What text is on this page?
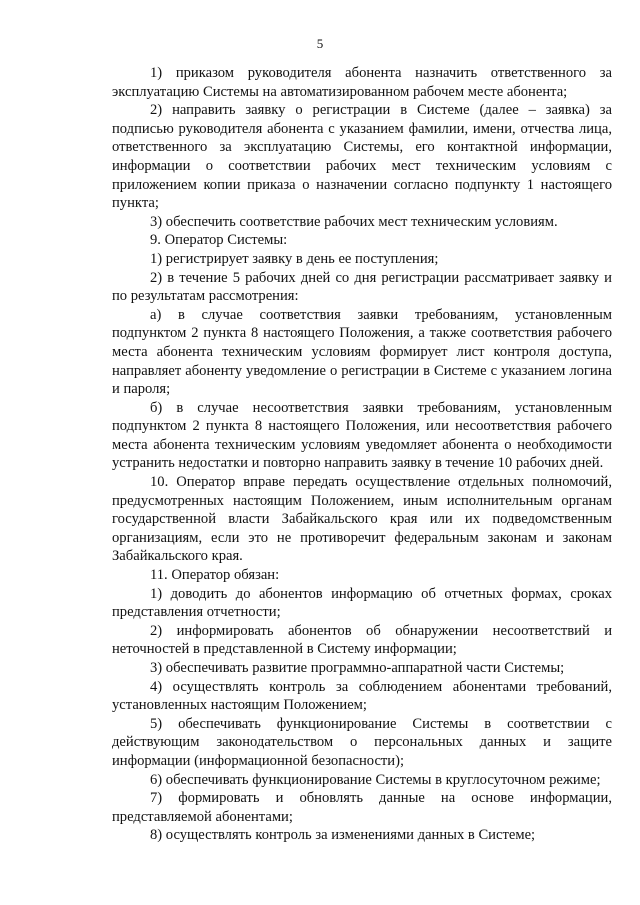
5

1) приказом руководителя абонента назначить ответственного за эксплуатацию Системы на автоматизированном рабочем месте абонента;

2) направить заявку о регистрации в Системе (далее – заявка) за подписью руководителя абонента с указанием фамилии, имени, отчества лица, ответственного за эксплуатацию Системы, его контактной информации, информации о соответствии рабочих мест техническим условиям с приложением копии приказа о назначении согласно подпункту 1 настоящего пункта;

3) обеспечить соответствие рабочих мест техническим условиям.

9. Оператор Системы:

1) регистрирует заявку в день ее поступления;

2) в течение 5 рабочих дней со дня регистрации рассматривает заявку и по результатам рассмотрения:

а) в случае соответствия заявки требованиям, установленным подпунктом 2 пункта 8 настоящего Положения, а также соответствия рабочего места абонента техническим условиям формирует лист контроля доступа, направляет абоненту уведомление о регистрации в Системе с указанием логина и пароля;

б) в случае несоответствия заявки требованиям, установленным подпунктом 2 пункта 8 настоящего Положения, или несоответствия рабочего места абонента техническим условиям уведомляет абонента о необходимости устранить недостатки и повторно направить заявку в течение 10 рабочих дней.

10. Оператор вправе передать осуществление отдельных полномочий, предусмотренных настоящим Положением, иным исполнительным органам государственной власти Забайкальского края или их подведомственным организациям, если это не противоречит федеральным законам и законам Забайкальского края.

11. Оператор обязан:

1) доводить до абонентов информацию об отчетных формах, сроках представления отчетности;

2) информировать абонентов об обнаружении несоответствий и неточностей в представленной в Систему информации;

3) обеспечивать развитие программно-аппаратной части Системы;

4) осуществлять контроль за соблюдением абонентами требований, установленных настоящим Положением;

5) обеспечивать функционирование Системы в соответствии с действующим законодательством о персональных данных и защите информации (информационной безопасности);

6) обеспечивать функционирование Системы в круглосуточном режиме;

7) формировать и обновлять данные на основе информации, представляемой абонентами;

8) осуществлять контроль за изменениями данных в Системе;
